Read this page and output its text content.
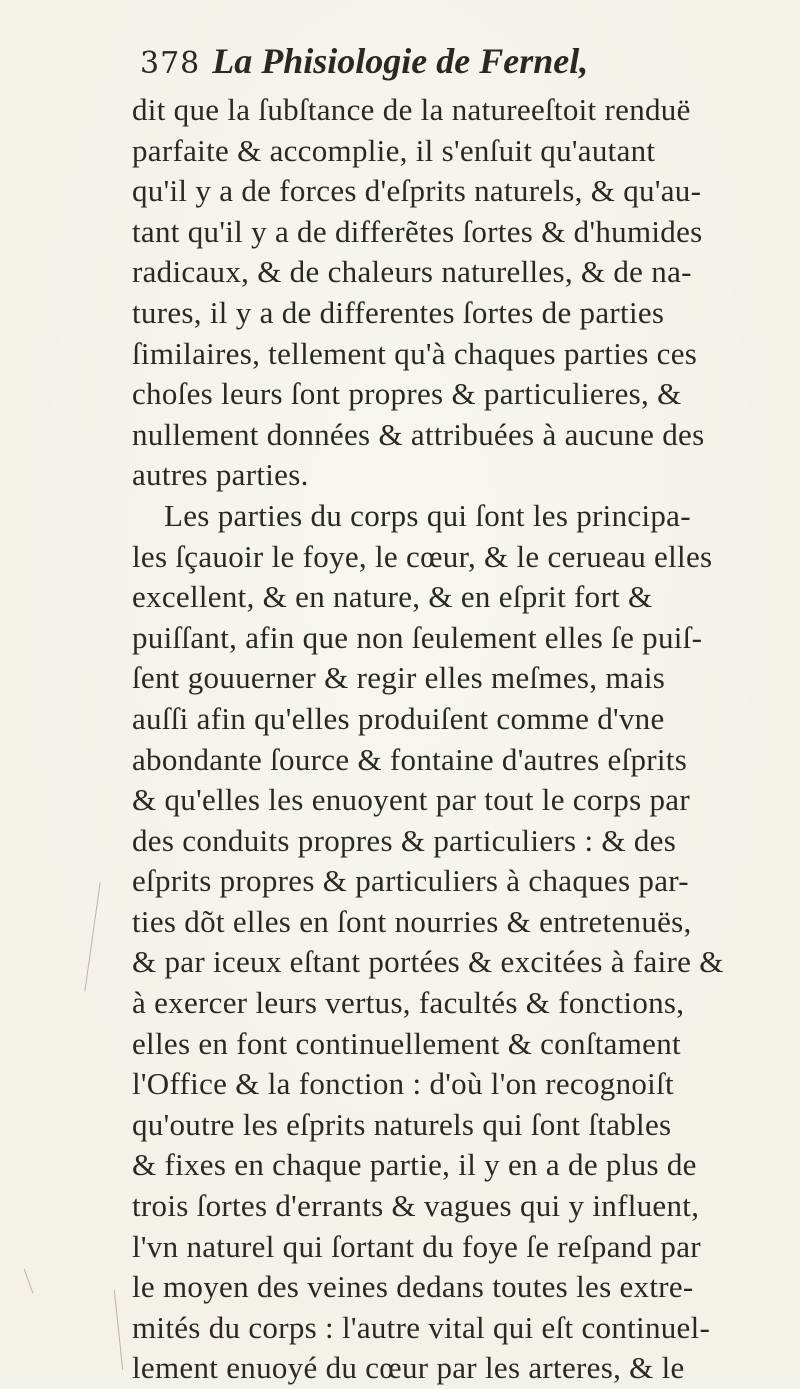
378 La Phisiologie de Fernel,
dit que la ſubſtance de la natureeſtoit renduë
parfaite & accomplie, il s'enſuit qu'autant
qu'il y a de forces d'eſprits naturels, & qu'au-
tant qu'il y a de differẽtes ſortes & d'humides
radicaux, & de chaleurs naturelles, & de na-
tures, il y a de differentes ſortes de parties
ſimilaires, tellement qu'à chaques parties ces
choſes leurs ſont propres & particulieres, &
nullement données & attribuées à aucune des
autres parties.
Les parties du corps qui ſont les principa-
les ſçauoir le foye, le cœur, & le cerueau elles
excellent, & en nature, & en eſprit fort &
puiſſant, afin que non ſeulement elles ſe puiſ-
ſent gouuerner & regir elles meſmes, mais
auſſi afin qu'elles produiſent comme d'vne
abondante ſource & fontaine d'autres eſprits
& qu'elles les enuoyent par tout le corps par
des conduits propres & particuliers : & des
eſprits propres & particuliers à chaques par-
ties dõt elles en ſont nourries & entretenuës,
& par iceux eſtant portées & excitées à faire &
à exercer leurs vertus, facultés & fonctions,
elles en font continuellement & conſtament
l'Office & la fonction : d'où l'on recognoiſt
qu'outre les eſprits naturels qui ſont ſtables
& fixes en chaque partie, il y en a de plus de
trois ſortes d'errants & vagues qui y influent,
l'vn naturel qui ſortant du foye ſe reſpand par
le moyen des veines dedans toutes les extre-
mités du corps : l'autre vital qui eſt continuel-
lement enuoyé du cœur par les arteres, & le
